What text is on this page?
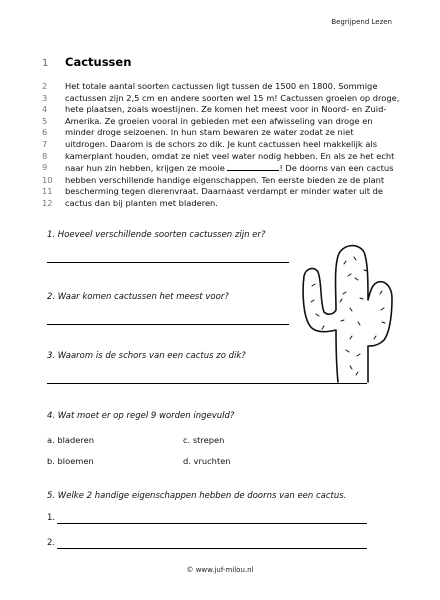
Begrijpend Lezen
1	Cactussen
2	Het totale aantal soorten cactussen ligt tussen de 1500 en 1800. Sommige
3	cactussen zijn 2,5 cm en andere soorten wel 15 m! Cactussen groeien op droge,
4	hete plaatsen, zoals woestijnen. Ze komen het meest voor in Noord- en Zuid-
5	Amerika. Ze groeien vooral in gebieden met een afwisseling van droge en
6	minder droge seizoenen. In hun stam bewaren ze water zodat ze niet
7	uitdrogen. Daarom is de schors zo dik. Je kunt cactussen heel makkelijk als
8	kamerplant houden, omdat ze niet veel water nodig hebben. En als ze het echt
9	naar hun zin hebben, krijgen ze mooie	! De doorns van een cactus
10	hebben verschillende handige eigenschappen. Ten eerste bieden ze de plant
11	bescherming tegen dierenvraat. Daarnaast verdampt er minder water uit de
12	cactus dan bij planten met bladeren.
1. Hoeveel verschillende soorten cactussen zijn er?
2. Waar komen cactussen het meest voor?
3. Waarom is de schors van een cactus zo dik?
4. Wat moet er op regel 9 worden ingevuld?
a. bladeren	c. strepen
b. bloemen	d. vruchten
5. Welke 2 handige eigenschappen hebben de doorns van een cactus.
1.
2.
© www.juf-milou.nl
